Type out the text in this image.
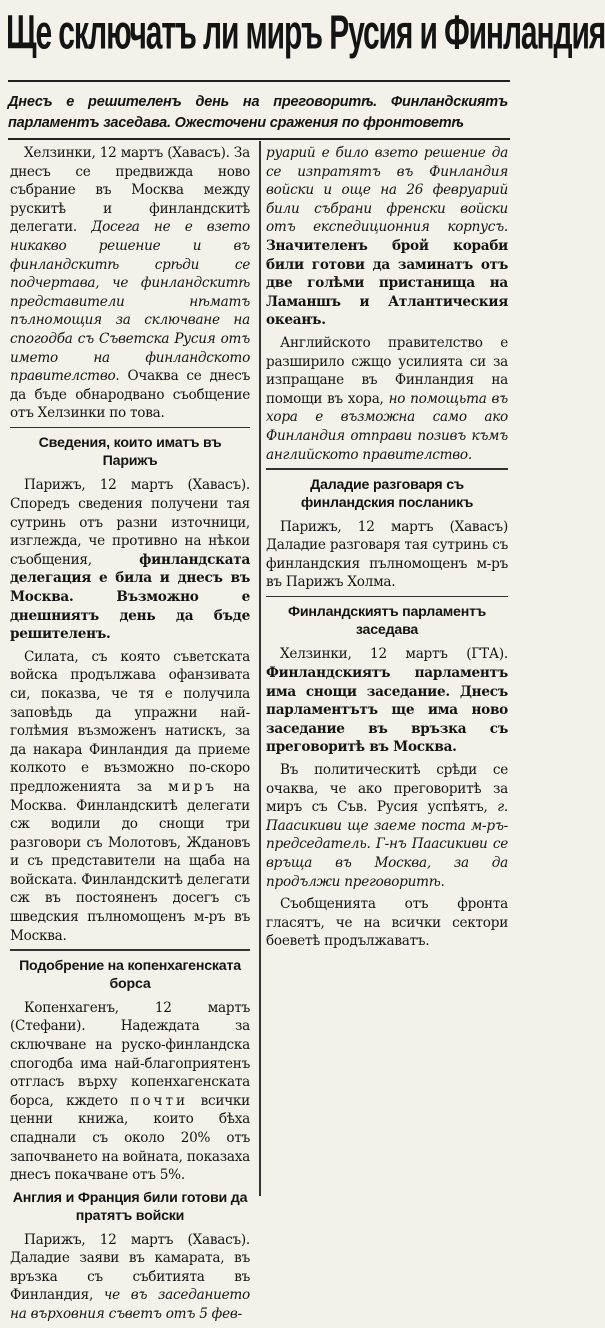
Ще сключатъ ли миръ Русия и Финландия

Днесъ е решителенъ день на преговоритѣ. Финландскиятъ парламентъ заседава. Ожесточени сражения по фронтоветѣ

Хелзинки, 12 мартъ (Хавасъ). За днесъ се предвижда ново събрание въ Москва между рускитѣ и финландскитѣ делегати. Досега не е взето никакво решение и въ финландскитѣ срѣди се подчертава, че финландскитѣ представители нѣматъ пълномощия за сключване на спогодба съ Съветска Русия отъ името на финландското правителство. Очаква се днесъ да бъде обнародвано съобщение отъ Хелзинки по това.

Сведения, които иматъ въ Парижъ

Парижъ, 12 мартъ (Хавасъ). Споредъ сведения получени тая сутринь отъ разни източници, изглежда, че противно на нѣкои съобщения, финландската делегация е била и днесъ въ Москва. Възможно е днешниятъ день да бъде решителенъ.

Силата, съ която съветската войска продължава офанзивата си, показва, че тя е получила заповѣдь да упражни най-голѣмия възможенъ натискъ, за да накара Финландия да приеме колкото е възможно по-скоро предложенията за миръ на Москва. Финландскитѣ делегати сж водили до снощи три разговори съ Молотовъ, Ждановъ и съ представители на щаба на войската. Финландскитѣ делегати сж въ постояненъ досегъ съ шведския пълномощенъ м-ръ въ Москва.

Подобрение на копенхагенската борса

Копенхагенъ, 12 мартъ (Стефани). Надеждата за сключване на руско-финландска спогодба има най-благоприятенъ отгласъ върху копенхагенската борса, кждето почти всички ценни книжа, които бѣха спаднали съ около 20% отъ започването на войната, показаха днесъ покачване отъ 5%.

Англия и Франция били готови да пратятъ войски

Парижъ, 12 мартъ (Хавасъ). Даладие заяви въ камарата, въ връзка съ събитията въ Финландия, че въ заседанието на върховния съветъ отъ 5 фев-

руарий е било взето решение да се изпратятъ въ Финландия войски и още на 26 февруарий били събрани френски войски отъ експедиционния корпусъ. Значителенъ брой кораби били готови да заминатъ отъ две голѣми пристанища на Ламаншъ и Атлантическия океанъ.

Английското правителство е разширило сжщо усилията си за изпращане въ Финландия на помощи въ хора, но помощьта въ хора е възможна само ако Финландия отправи позивъ къмъ английското правителство.

Даладие разговаря съ финландския посланикъ

Парижъ, 12 мартъ (Хавасъ) Даладие разговаря тая сутринь съ финландския пълномощенъ м-ръ въ Парижъ Холма.

Финландскиятъ парламентъ заседава

Хелзинки, 12 мартъ (ГТА). Финландскиятъ парламентъ има снощи заседание. Днесъ парламентътъ ще има ново заседание въ връзка съ преговоритѣ въ Москва.

Въ политическитѣ срѣди се очаква, че ако преговоритѣ за миръ съ Съв. Русия успѣятъ, г. Паасикиви ще заеме поста м-ръ-председатель. Г-нъ Паасикиви се връща въ Москва, за да продължи преговоритѣ.

Съобщенията отъ фронта гласятъ, че на всички сектори боеветѣ продължаватъ.
